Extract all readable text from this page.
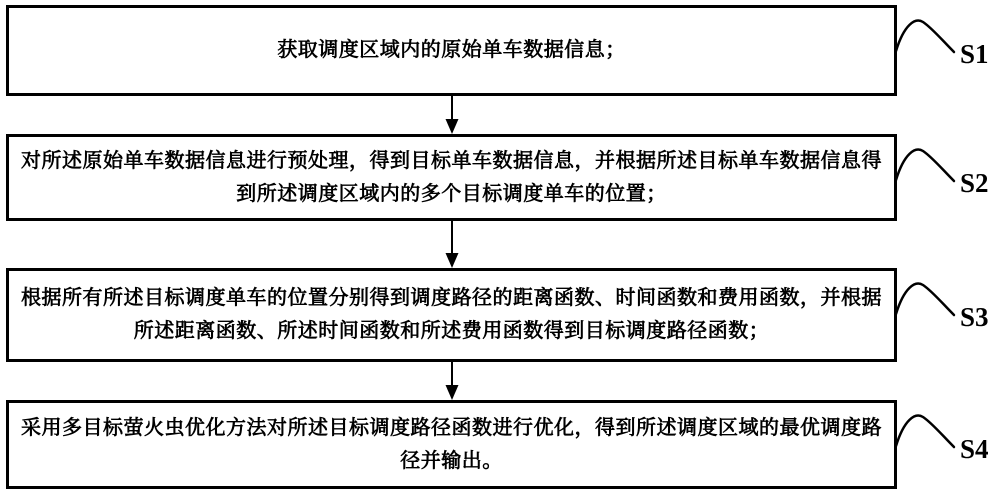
获取调度区域内的原始单车数据信息；
对所述原始单车数据信息进行预处理，得到目标单车数据信息，并根据所述目标单车数据信息得
到所述调度区域内的多个目标调度单车的位置；
根据所有所述目标调度单车的位置分别得到调度路径的距离函数、时间函数和费用函数，并根据
所述距离函数、所述时间函数和所述费用函数得到目标调度路径函数；
采用多目标萤火虫优化方法对所述目标调度路径函数进行优化，得到所述调度区域的最优调度路
径并输出。
S1
S2
S3
S4
